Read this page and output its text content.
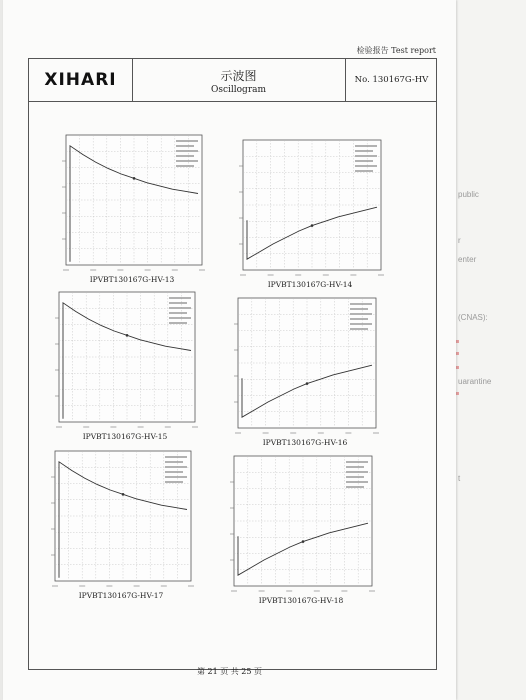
public
r
enter
(CNAS):
uarantine
t
检验报告 Test report
XIHARI	示波图
Oscillogram
No. 130167G-HV
IPVBT130167G-HV-13
IPVBT130167G-HV-14
IPVBT130167G-HV-15
IPVBT130167G-HV-16
IPVBT130167G-HV-17
IPVBT130167G-HV-18
第 21 页 共 25 页
